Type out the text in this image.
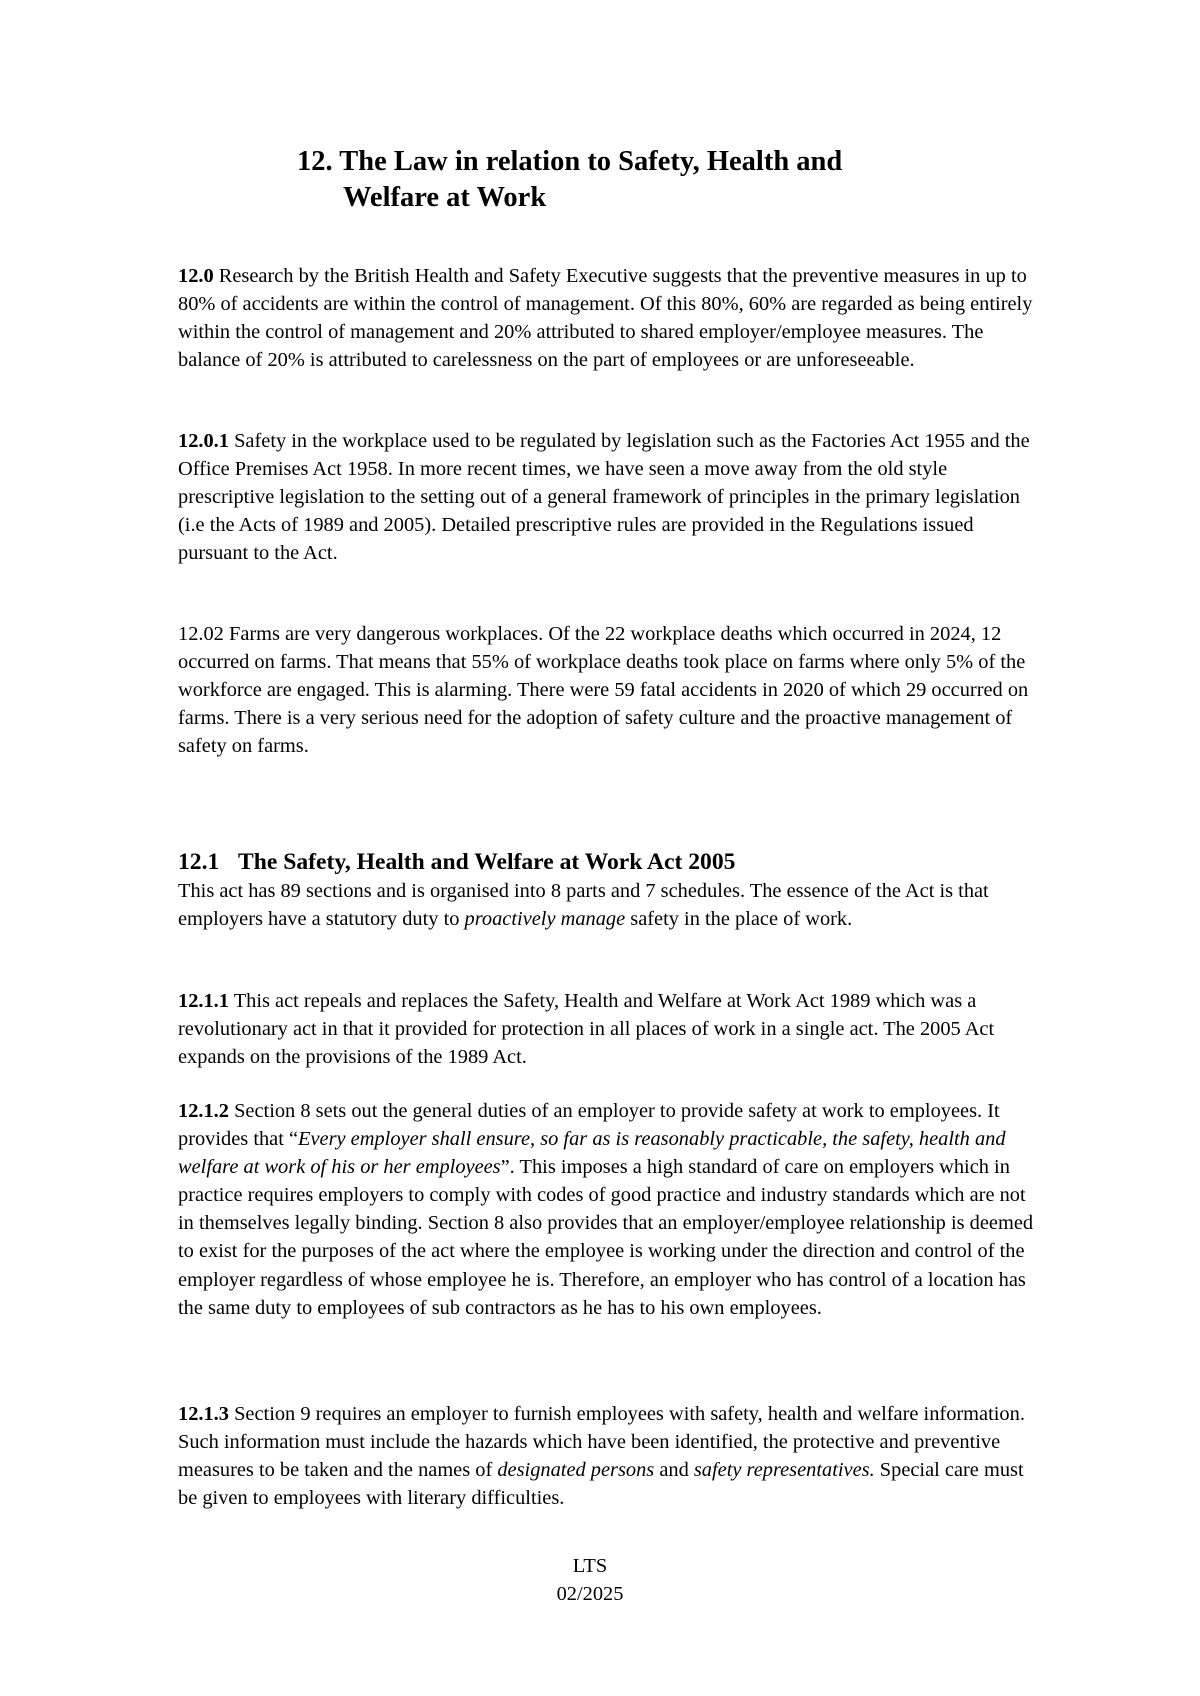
12. The Law in relation to Safety, Health and
Welfare at Work

12.0 Research by the British Health and Safety Executive suggests that the preventive measures in up to 80% of accidents are within the control of management. Of this 80%, 60% are regarded as being entirely within the control of management and 20% attributed to shared employer/employee measures. The balance of 20% is attributed to carelessness on the part of employees or are unforeseeable.

12.0.1 Safety in the workplace used to be regulated by legislation such as the Factories Act 1955 and the Office Premises Act 1958. In more recent times, we have seen a move away from the old style prescriptive legislation to the setting out of a general framework of principles in the primary legislation (i.e the Acts of 1989 and 2005). Detailed prescriptive rules are provided in the Regulations issued pursuant to the Act.

12.02 Farms are very dangerous workplaces. Of the 22 workplace deaths which occurred in 2024, 12 occurred on farms. That means that 55% of workplace deaths took place on farms where only 5% of the workforce are engaged. This is alarming. There were 59 fatal accidents in 2020 of which 29 occurred on farms. There is a very serious need for the adoption of safety culture and the proactive management of safety on farms.

12.1 The Safety, Health and Welfare at Work Act 2005

This act has 89 sections and is organised into 8 parts and 7 schedules. The essence of the Act is that employers have a statutory duty to proactively manage safety in the place of work.

12.1.1 This act repeals and replaces the Safety, Health and Welfare at Work Act 1989 which was a revolutionary act in that it provided for protection in all places of work in a single act. The 2005 Act expands on the provisions of the 1989 Act.

12.1.2 Section 8 sets out the general duties of an employer to provide safety at work to employees. It provides that “Every employer shall ensure, so far as is reasonably practicable, the safety, health and welfare at work of his or her employees”. This imposes a high standard of care on employers which in practice requires employers to comply with codes of good practice and industry standards which are not in themselves legally binding. Section 8 also provides that an employer/employee relationship is deemed to exist for the purposes of the act where the employee is working under the direction and control of the employer regardless of whose employee he is. Therefore, an employer who has control of a location has the same duty to employees of sub contractors as he has to his own employees.

12.1.3 Section 9 requires an employer to furnish employees with safety, health and welfare information. Such information must include the hazards which have been identified, the protective and preventive measures to be taken and the names of designated persons and safety representatives. Special care must be given to employees with literary difficulties.

LTS
02/2025
